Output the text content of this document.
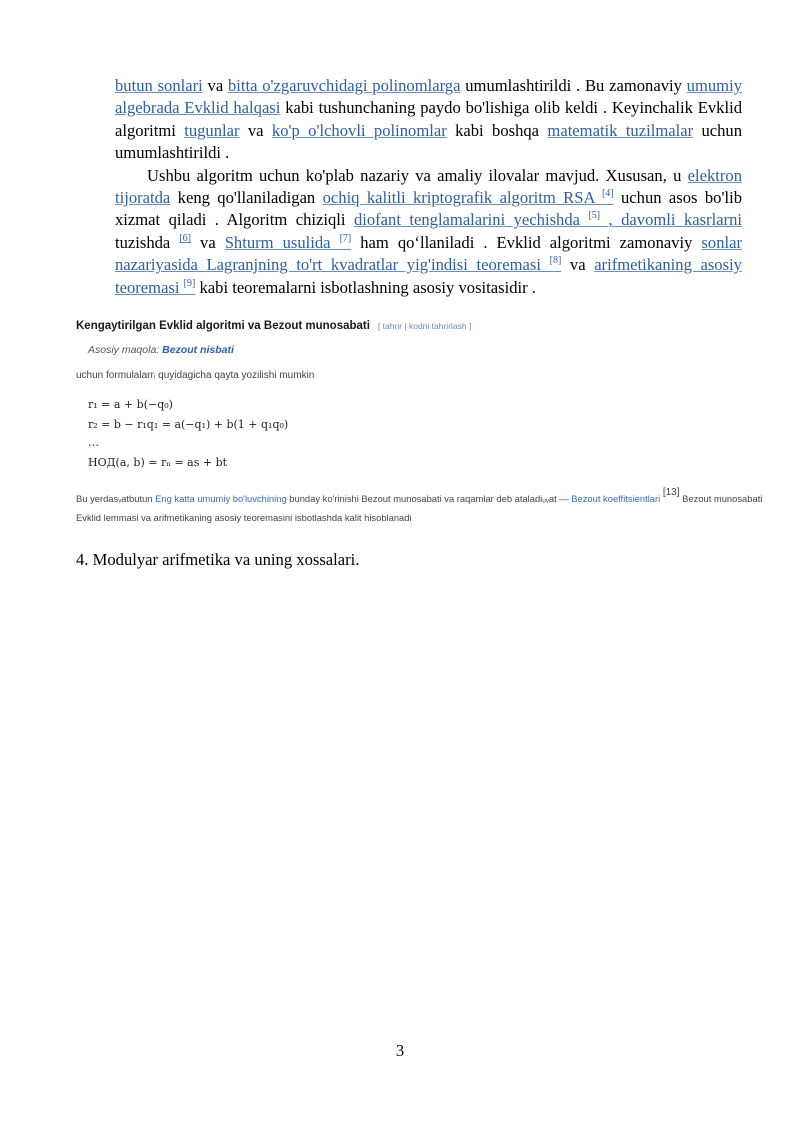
butun sonlari va bitta o'zgaruvchidagi polinomlarga umumlashtirildi . Bu zamonaviy umumiy algebrada Evklid halqasi kabi tushunchaning paydo bo'lishiga olib keldi . Keyinchalik Evklid algoritmi tugunlar va ko'p o'lchovli polinomlar kabi boshqa matematik tuzilmalar uchun umumlashtirildi .

Ushbu algoritm uchun ko'plab nazariy va amaliy ilovalar mavjud. Xususan, u elektron tijoratda keng qo'llaniladigan ochiq kalitli kriptografik algoritm RSA [4] uchun asos bo'lib xizmat qiladi . Algoritm chiziqli diofant tenglamalarini yechishda [5] , davomli kasrlarni tuzishda [6] va Shturm usulida [7] ham qo‘llaniladi . Evklid algoritmi zamonaviy sonlar nazariyasida Lagranjning to'rt kvadratlar yig'indisi teoremasi [8] va arifmetikaning asosiy teoremasi [9] kabi teoremalarni isbotlashning asosiy vositasidir .

Kengaytirilgan Evklid algoritmi va Bezout munosabati [ tahrir | kodni tahrirlash ]
Asosiy maqola: Bezout nisbati
uchun formulalarrᵢ quyidagicha qayta yozilishi mumkin
r₁ = a + b(−q₀)
r₂ = b − r₁q₁ = a(−q₁) + b(1 + q₁q₀)
…
НОД(a, b) = rₙ = as + bt
Bu yerdasᵥatbutun Eng katta umumiy bo'luvchining bunday ko'rinishi Bezout munosabati va raqamlar deb ataladiᵤᵥat — Bezout koeffitsientlari [13] Bezout munosabati Evklid lemmasi va arifmetikaning asosiy teoremasini isbotlashda kalit hisoblanadi
4. Modulyar arifmetika va uning xossalari.
3
